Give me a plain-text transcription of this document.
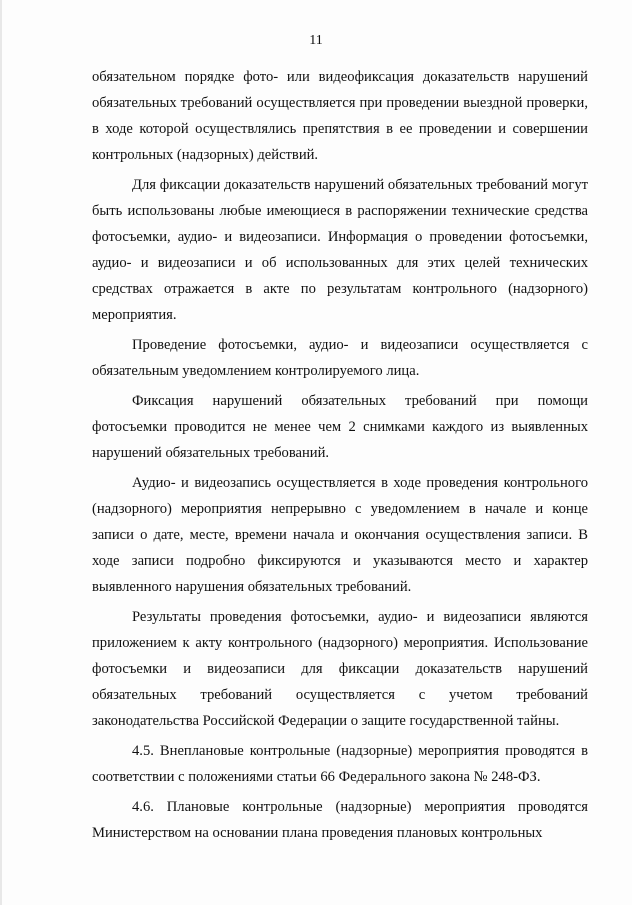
11

обязательном порядке фото- или видеофиксация доказательств нарушений обязательных требований осуществляется при проведении выездной проверки, в ходе которой осуществлялись препятствия в ее проведении и совершении контрольных (надзорных) действий.

Для фиксации доказательств нарушений обязательных требований могут быть использованы любые имеющиеся в распоряжении технические средства фотосъемки, аудио- и видеозаписи. Информация о проведении фотосъемки, аудио- и видеозаписи и об использованных для этих целей технических средствах отражается в акте по результатам контрольного (надзорного) мероприятия.

Проведение фотосъемки, аудио- и видеозаписи осуществляется с обязательным уведомлением контролируемого лица.

Фиксация нарушений обязательных требований при помощи фотосъемки проводится не менее чем 2 снимками каждого из выявленных нарушений обязательных требований.

Аудио- и видеозапись осуществляется в ходе проведения контрольного (надзорного) мероприятия непрерывно с уведомлением в начале и конце записи о дате, месте, времени начала и окончания осуществления записи. В ходе записи подробно фиксируются и указываются место и характер выявленного нарушения обязательных требований.

Результаты проведения фотосъемки, аудио- и видеозаписи являются приложением к акту контрольного (надзорного) мероприятия. Использование фотосъемки и видеозаписи для фиксации доказательств нарушений обязательных требований осуществляется с учетом требований законодательства Российской Федерации о защите государственной тайны.

4.5. Внеплановые контрольные (надзорные) мероприятия проводятся в соответствии с положениями статьи 66 Федерального закона № 248-ФЗ.

4.6. Плановые контрольные (надзорные) мероприятия проводятся Министерством на основании плана проведения плановых контрольных
